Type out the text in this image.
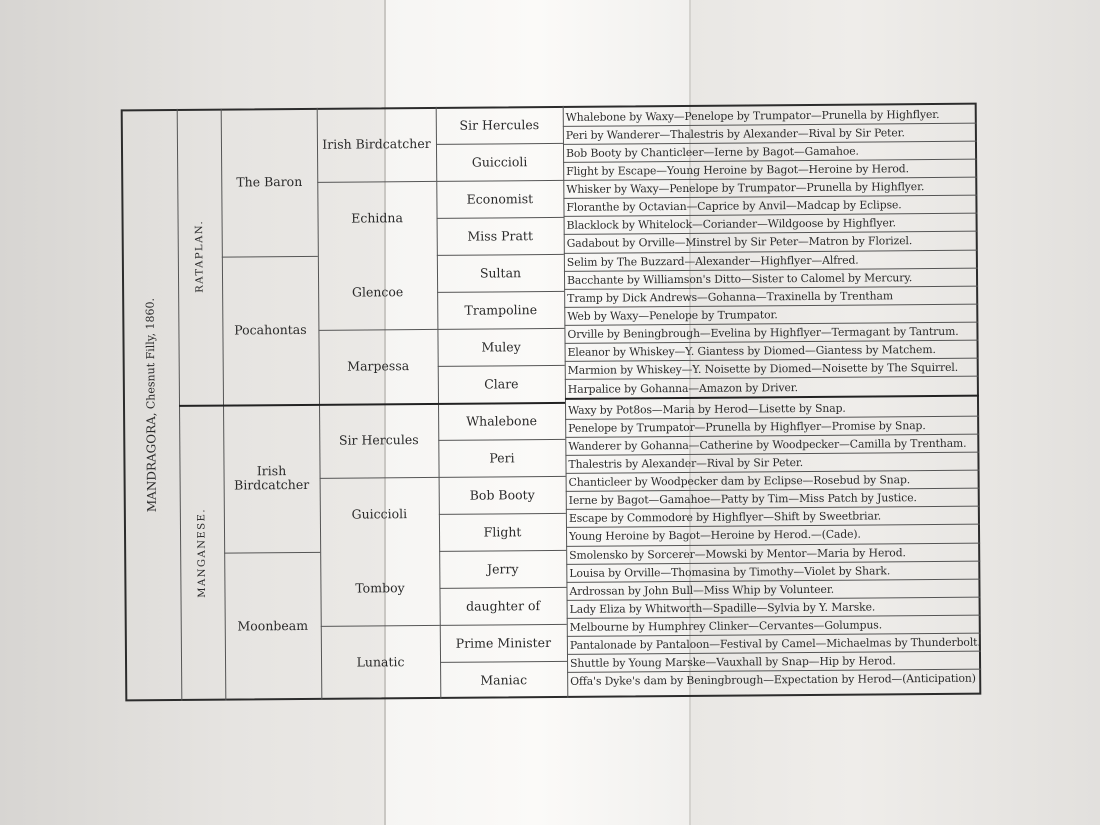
MANDRAGORA,
Chesnut Filly, 1860.
RATAPLAN.
MANGANESE.
The Baron
Pocahontas
Irish Birdcatcher
Moonbeam
Irish Birdcatcher
Echidna
Glencoe
Marpessa
Sir Hercules
Guiccioli
Tomboy
Lunatic
Sir Hercules
Guiccioli
Economist
Miss Pratt
Sultan
Trampoline
Muley
Clare
Whalebone
Peri
Bob Booty
Flight
Jerry
daughter of
Prime Minister
Maniac
Whalebone by Waxy—Penelope by Trumpator—Prunella by Highflyer.
Peri by Wanderer—Thalestris by Alexander—Rival by Sir Peter.
Bob Booty by Chanticleer—Ierne by Bagot—Gamahoe.
Flight by Escape—Young Heroine by Bagot—Heroine by Herod.
Whisker by Waxy—Penelope by Trumpator—Prunella by Highflyer.
Floranthe by Octavian—Caprice by Anvil—Madcap by Eclipse.
Blacklock by Whitelock—Coriander—Wildgoose by Highflyer.
Gadabout by Orville—Minstrel by Sir Peter—Matron by Florizel.
Selim by The Buzzard—Alexander—Highflyer—Alfred.
Bacchante by Williamson's Ditto—Sister to Calomel by Mercury.
Tramp by Dick Andrews—Gohanna—Traxinella by Trentham
Web by Waxy—Penelope by Trumpator.
Orville by Beningbrough—Evelina by Highflyer—Termagant by Tantrum.
Eleanor by Whiskey—Y. Giantess by Diomed—Giantess by Matchem.
Marmion by Whiskey—Y. Noisette by Diomed—Noisette by The Squirrel.
Harpalice by Gohanna—Amazon by Driver.
Waxy by Pot8os—Maria by Herod—Lisette by Snap.
Penelope by Trumpator—Prunella by Highflyer—Promise by Snap.
Wanderer by Gohanna—Catherine by Woodpecker—Camilla by Trentham.
Thalestris by Alexander—Rival by Sir Peter.
Chanticleer by Woodpecker dam by Eclipse—Rosebud by Snap.
Ierne by Bagot—Gamahoe—Patty by Tim—Miss Patch by Justice.
Escape by Commodore by Highflyer—Shift by Sweetbriar.
Young Heroine by Bagot—Heroine by Herod.—(Cade).
Smolensko by Sorcerer—Mowski by Mentor—Maria by Herod.
Louisa by Orville—Thomasina by Timothy—Violet by Shark.
Ardrossan by John Bull—Miss Whip by Volunteer.
Lady Eliza by Whitworth—Spadille—Sylvia by Y. Marske.
Melbourne by Humphrey Clinker—Cervantes—Golumpus.
Pantalonade by Pantaloon—Festival by Camel—Michaelmas by Thunderbolt.
Shuttle by Young Marske—Vauxhall by Snap—Hip by Herod.
Offa's Dyke's dam by Beningbrough—Expectation by Herod—(Anticipation)
